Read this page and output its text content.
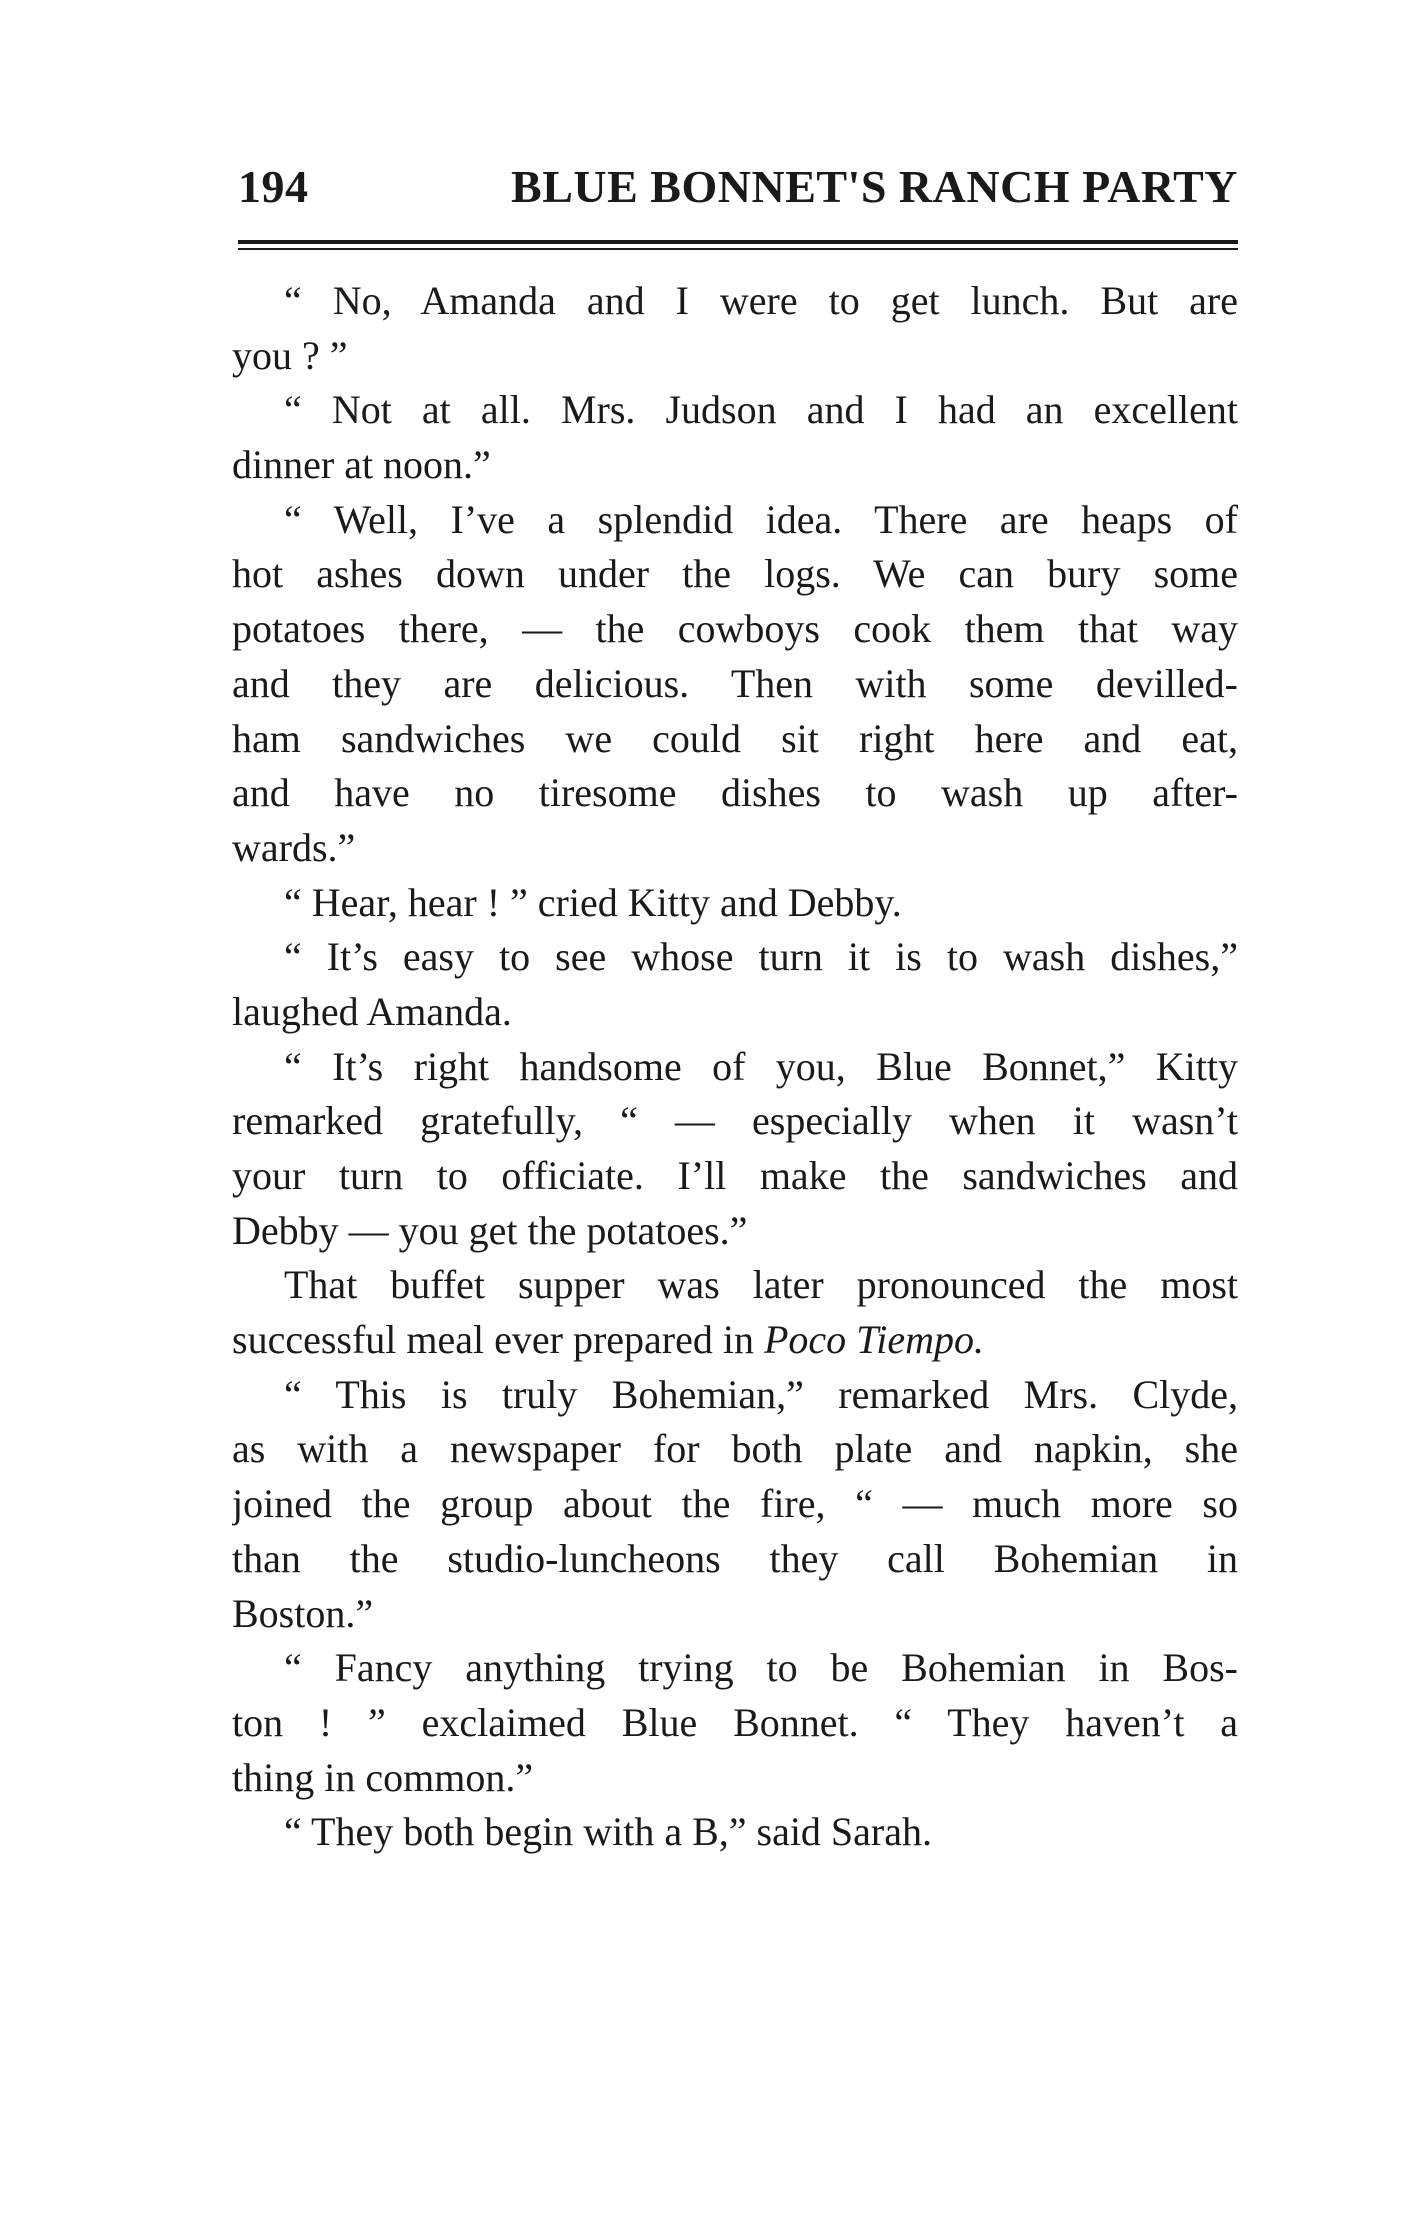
194	BLUE BONNET'S RANCH PARTY
“ No, Amanda and I were to get lunch. But are
you ? ”
“ Not at all. Mrs. Judson and I had an excellent
dinner at noon.”
“ Well, I’ve a splendid idea. There are heaps of
hot ashes down under the logs. We can bury some
potatoes there, — the cowboys cook them that way
and they are delicious. Then with some devilled-
ham sandwiches we could sit right here and eat,
and have no tiresome dishes to wash up after-
wards.”
“ Hear, hear ! ” cried Kitty and Debby.
“ It’s easy to see whose turn it is to wash dishes,”
laughed Amanda.
“ It’s right handsome of you, Blue Bonnet,” Kitty
remarked gratefully, “ — especially when it wasn’t
your turn to officiate. I’ll make the sandwiches and
Debby — you get the potatoes.”
That buffet supper was later pronounced the most
successful meal ever prepared in Poco Tiempo.
“ This is truly Bohemian,” remarked Mrs. Clyde,
as with a newspaper for both plate and napkin, she
joined the group about the fire, “ — much more so
than the studio-luncheons they call Bohemian in
Boston.”
“ Fancy anything trying to be Bohemian in Bos-
ton ! ” exclaimed Blue Bonnet. “ They haven’t a
thing in common.”
“ They both begin with a B,” said Sarah.
